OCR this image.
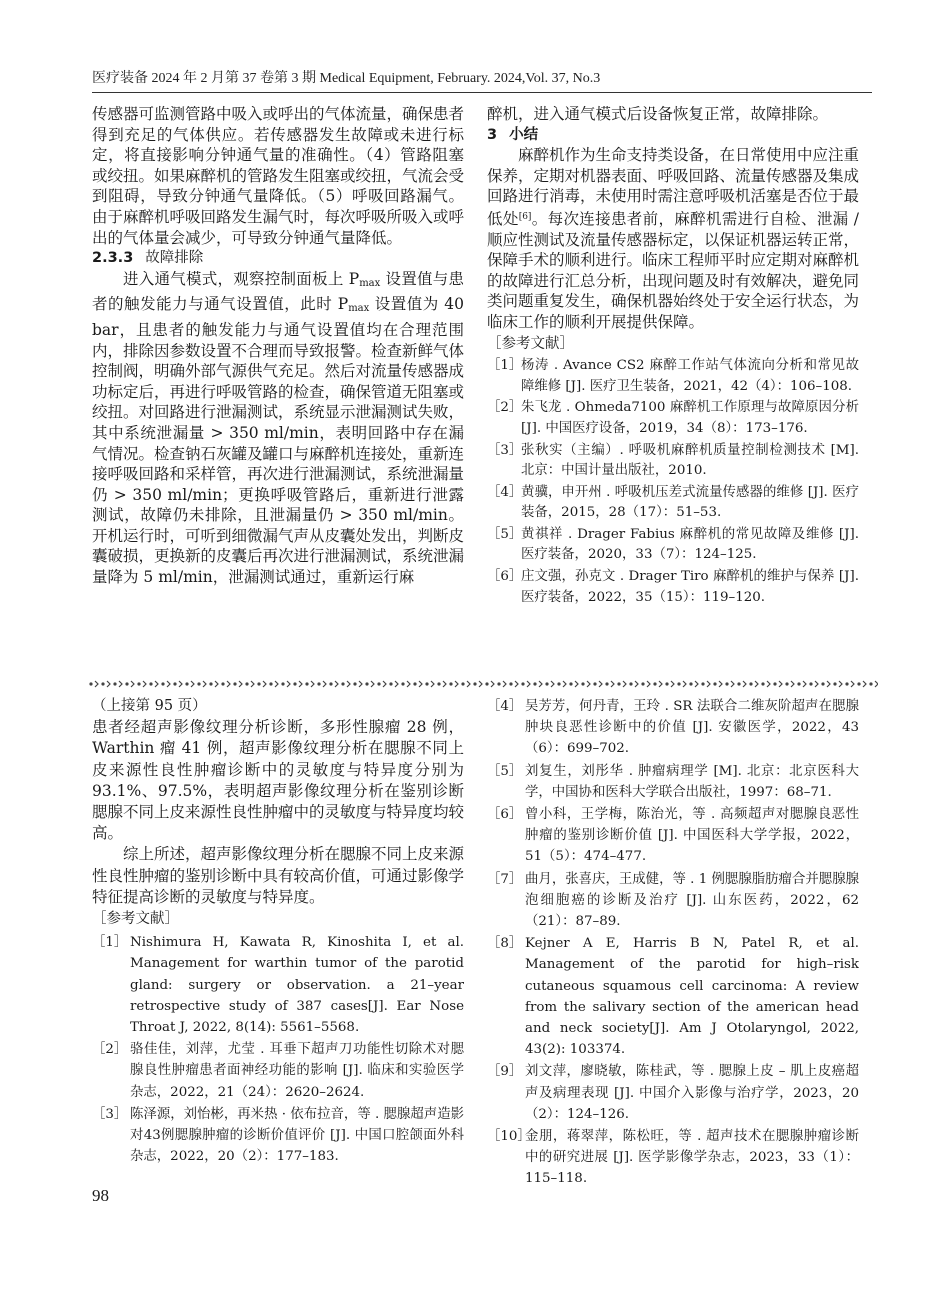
医疗装备 2024 年 2 月第 37 卷第 3 期 Medical Equipment, February. 2024,Vol. 37, No.3

传感器可监测管路中吸入或呼出的气体流量，确保患者得到充足的气体供应。若传感器发生故障或未进行标定，将直接影响分钟通气量的准确性。（4）管路阻塞或绞扭。如果麻醉机的管路发生阻塞或绞扭，气流会受到阻碍，导致分钟通气量降低。（5）呼吸回路漏气。由于麻醉机呼吸回路发生漏气时，每次呼吸所吸入或呼出的气体量会减少，可导致分钟通气量降低。

2.3.3 故障排除

进入通气模式，观察控制面板上 $P_{max}$ 设置值与患者的触发能力与通气设置值，此时 $P_{max}$ 设置值为 40 bar，且患者的触发能力与通气设置值均在合理范围内，排除因参数设置不合理而导致报警。检查新鲜气体控制阀，明确外部气源供气充足。然后对流量传感器成功标定后，再进行呼吸管路的检查，确保管道无阻塞或绞扭。对回路进行泄漏测试，系统显示泄漏测试失败，其中系统泄漏量 > 350 ml/min，表明回路中存在漏气情况。检查钠石灰罐及罐口与麻醉机连接处，重新连接呼吸回路和采样管，再次进行泄漏测试，系统泄漏量仍 > 350 ml/min；更换呼吸管路后，重新进行泄露测试，故障仍未排除，且泄漏量仍 > 350 ml/min。开机运行时，可听到细微漏气声从皮囊处发出，判断皮囊破损，更换新的皮囊后再次进行泄漏测试，系统泄漏量降为 5 ml/min，泄漏测试通过，重新运行麻

醉机，进入通气模式后设备恢复正常，故障排除。

3 小结

麻醉机作为生命支持类设备，在日常使用中应注重保养，定期对机器表面、呼吸回路、流量传感器及集成回路进行消毒，未使用时需注意呼吸机活塞是否位于最低处[6]。每次连接患者前，麻醉机需进行自检、泄漏 / 顺应性测试及流量传感器标定，以保证机器运转正常，保障手术的顺利进行。临床工程师平时应定期对麻醉机的故障进行汇总分析，出现问题及时有效解决，避免同类问题重复发生，确保机器始终处于安全运行状态，为临床工作的顺利开展提供保障。

［参考文献］
［1］
杨涛 . Avance CS2 麻醉工作站气体流向分析和常见故障维修 [J]. 医疗卫生装备，2021，42（4）：106–108.
［2］
朱飞龙 . Ohmeda7100 麻醉机工作原理与故障原因分析 [J]. 中国医疗设备，2019，34（8）：173–176.
［3］
张秋实（主编）. 呼吸机麻醉机质量控制检测技术 [M]. 北京：中国计量出版社，2010.
［4］
黄骥，申开州 . 呼吸机压差式流量传感器的维修 [J]. 医疗装备，2015，28（17）：51–53.
［5］
黄祺祥 . Drager Fabius 麻醉机的常见故障及维修 [J]. 医疗装备，2020，33（7）：124–125.
［6］
庄文强，孙克文 . Drager Tiro 麻醉机的维护与保养 [J]. 医疗装备，2022，35（15）：119–120.

（上接第 95 页）

患者经超声影像纹理分析诊断，多形性腺瘤 28 例，Warthin 瘤 41 例，超声影像纹理分析在腮腺不同上皮来源性良性肿瘤诊断中的灵敏度与特异度分别为 93.1%、97.5%，表明超声影像纹理分析在鉴别诊断腮腺不同上皮来源性良性肿瘤中的灵敏度与特异度均较高。

综上所述，超声影像纹理分析在腮腺不同上皮来源性良性肿瘤的鉴别诊断中具有较高价值，可通过影像学特征提高诊断的灵敏度与特异度。

［参考文献］
［1］ Nishimura H, Kawata R, Kinoshita I, et al. Management for warthin tumor of the parotid gland: surgery or observation. a 21–year retrospective study of 387 cases[J]. Ear Nose Throat J, 2022, 8(14): 5561–5568.
［2］ 骆佳佳，刘萍，尤莹 . 耳垂下超声刀功能性切除术对腮腺良性肿瘤患者面神经功能的影响 [J]. 临床和实验医学杂志，2022，21（24）：2620–2624.
［3］ 陈泽源，刘怡彬，再米热 · 依布拉音，等 . 腮腺超声造影对43例腮腺肿瘤的诊断价值评价 [J]. 中国口腔颌面外科杂志，2022，20（2）：177–183.
［4］ 吴芳芳，何丹青，王玲 . SR 法联合二维灰阶超声在腮腺肿块良恶性诊断中的价值 [J]. 安徽医学，2022，43（6）：699–702.
［5］ 刘复生，刘彤华 . 肿瘤病理学 [M]. 北京：北京医科大学，中国协和医科大学联合出版社，1997：68–71.
［6］ 曾小科，王学梅，陈治光，等 . 高频超声对腮腺良恶性肿瘤的鉴别诊断价值 [J]. 中国医科大学学报，2022，51（5）：474–477.
［7］ 曲月，张喜庆，王成健，等 . 1 例腮腺脂肪瘤合并腮腺腺泡细胞癌的诊断及治疗 [J]. 山东医药，2022，62（21）：87–89.
［8］ Kejner A E, Harris B N, Patel R, et al. Management of the parotid for high–risk cutaneous squamous cell carcinoma: A review from the salivary section of the american head and neck society[J]. Am J Otolaryngol, 2022, 43(2): 103374.
［9］ 刘文萍，廖晓敏，陈桂武，等 . 腮腺上皮 – 肌上皮癌超声及病理表现 [J]. 中国介入影像与治疗学，2023，20（2）：124–126.
［10］
金朋，蒋翠萍，陈松旺，等 . 超声技术在腮腺肿瘤诊断中的研究进展 [J]. 医学影像学杂志，2023，33（1）：115–118.
98
